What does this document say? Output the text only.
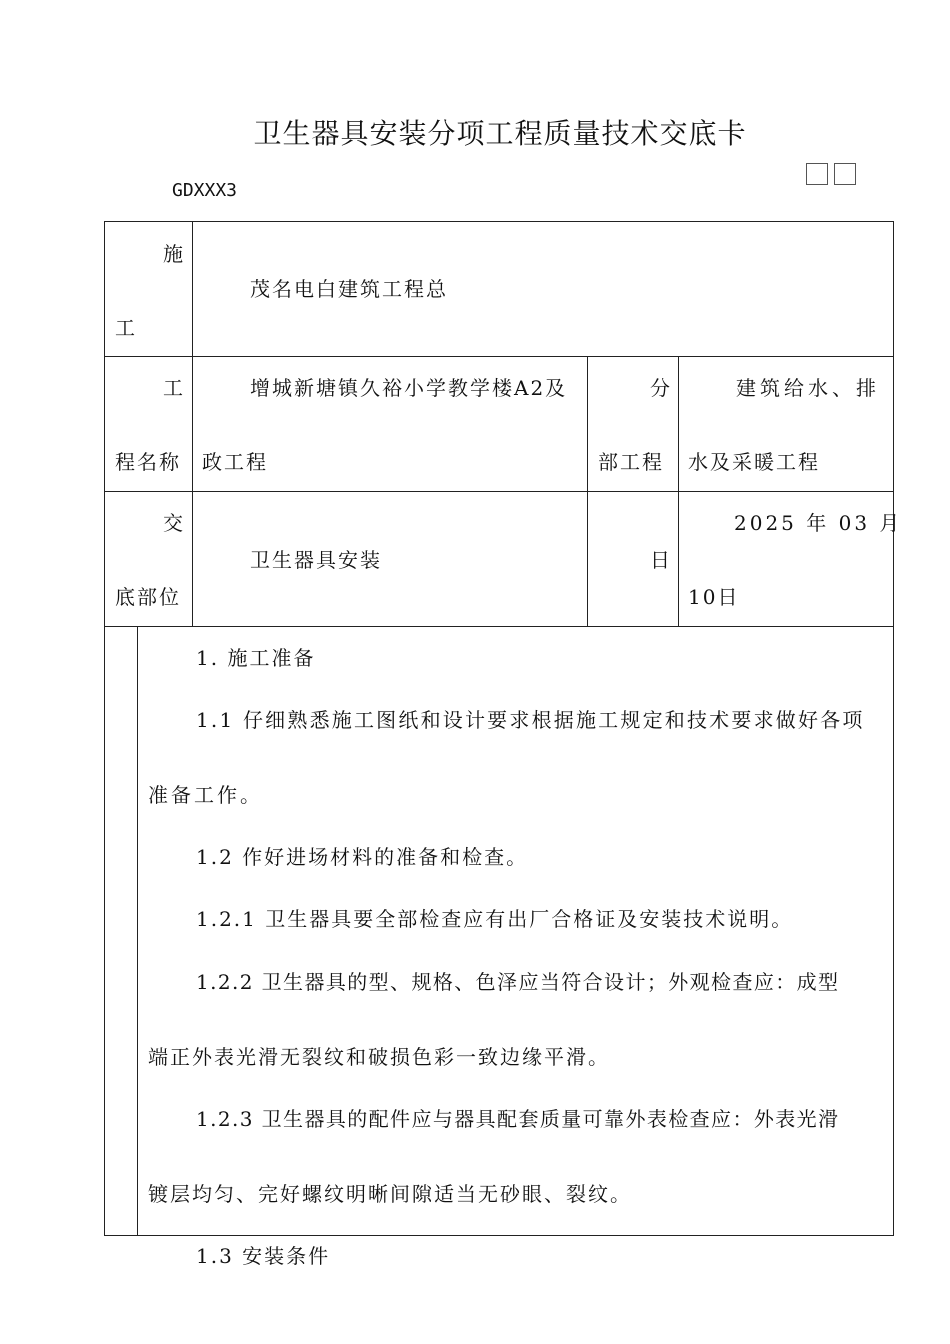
卫生器具安装分项工程质量技术交底卡
GDXXX3
施
工
茂名电白建筑工程总
工
程名称
增城新塘镇久裕小学教学楼A2及
政工程
分
部工程
建筑给水、排
水及采暖工程
交
底部位
卫生器具安装	日
2025 年 03 月
10日
1. 施工准备
1.1 仔细熟悉施工图纸和设计要求根据施工规定和技术要求做好各项
准备工作。
1.2 作好进场材料的准备和检查。
1.2.1 卫生器具要全部检查应有出厂合格证及安装技术说明。
1.2.2 卫生器具的型、规格、色泽应当符合设计；外观检查应：成型
端正外表光滑无裂纹和破损色彩一致边缘平滑。
1.2.3 卫生器具的配件应与器具配套质量可靠外表检查应：外表光滑
镀层均匀、完好螺纹明晰间隙适当无砂眼、裂纹。
1.3 安装条件
